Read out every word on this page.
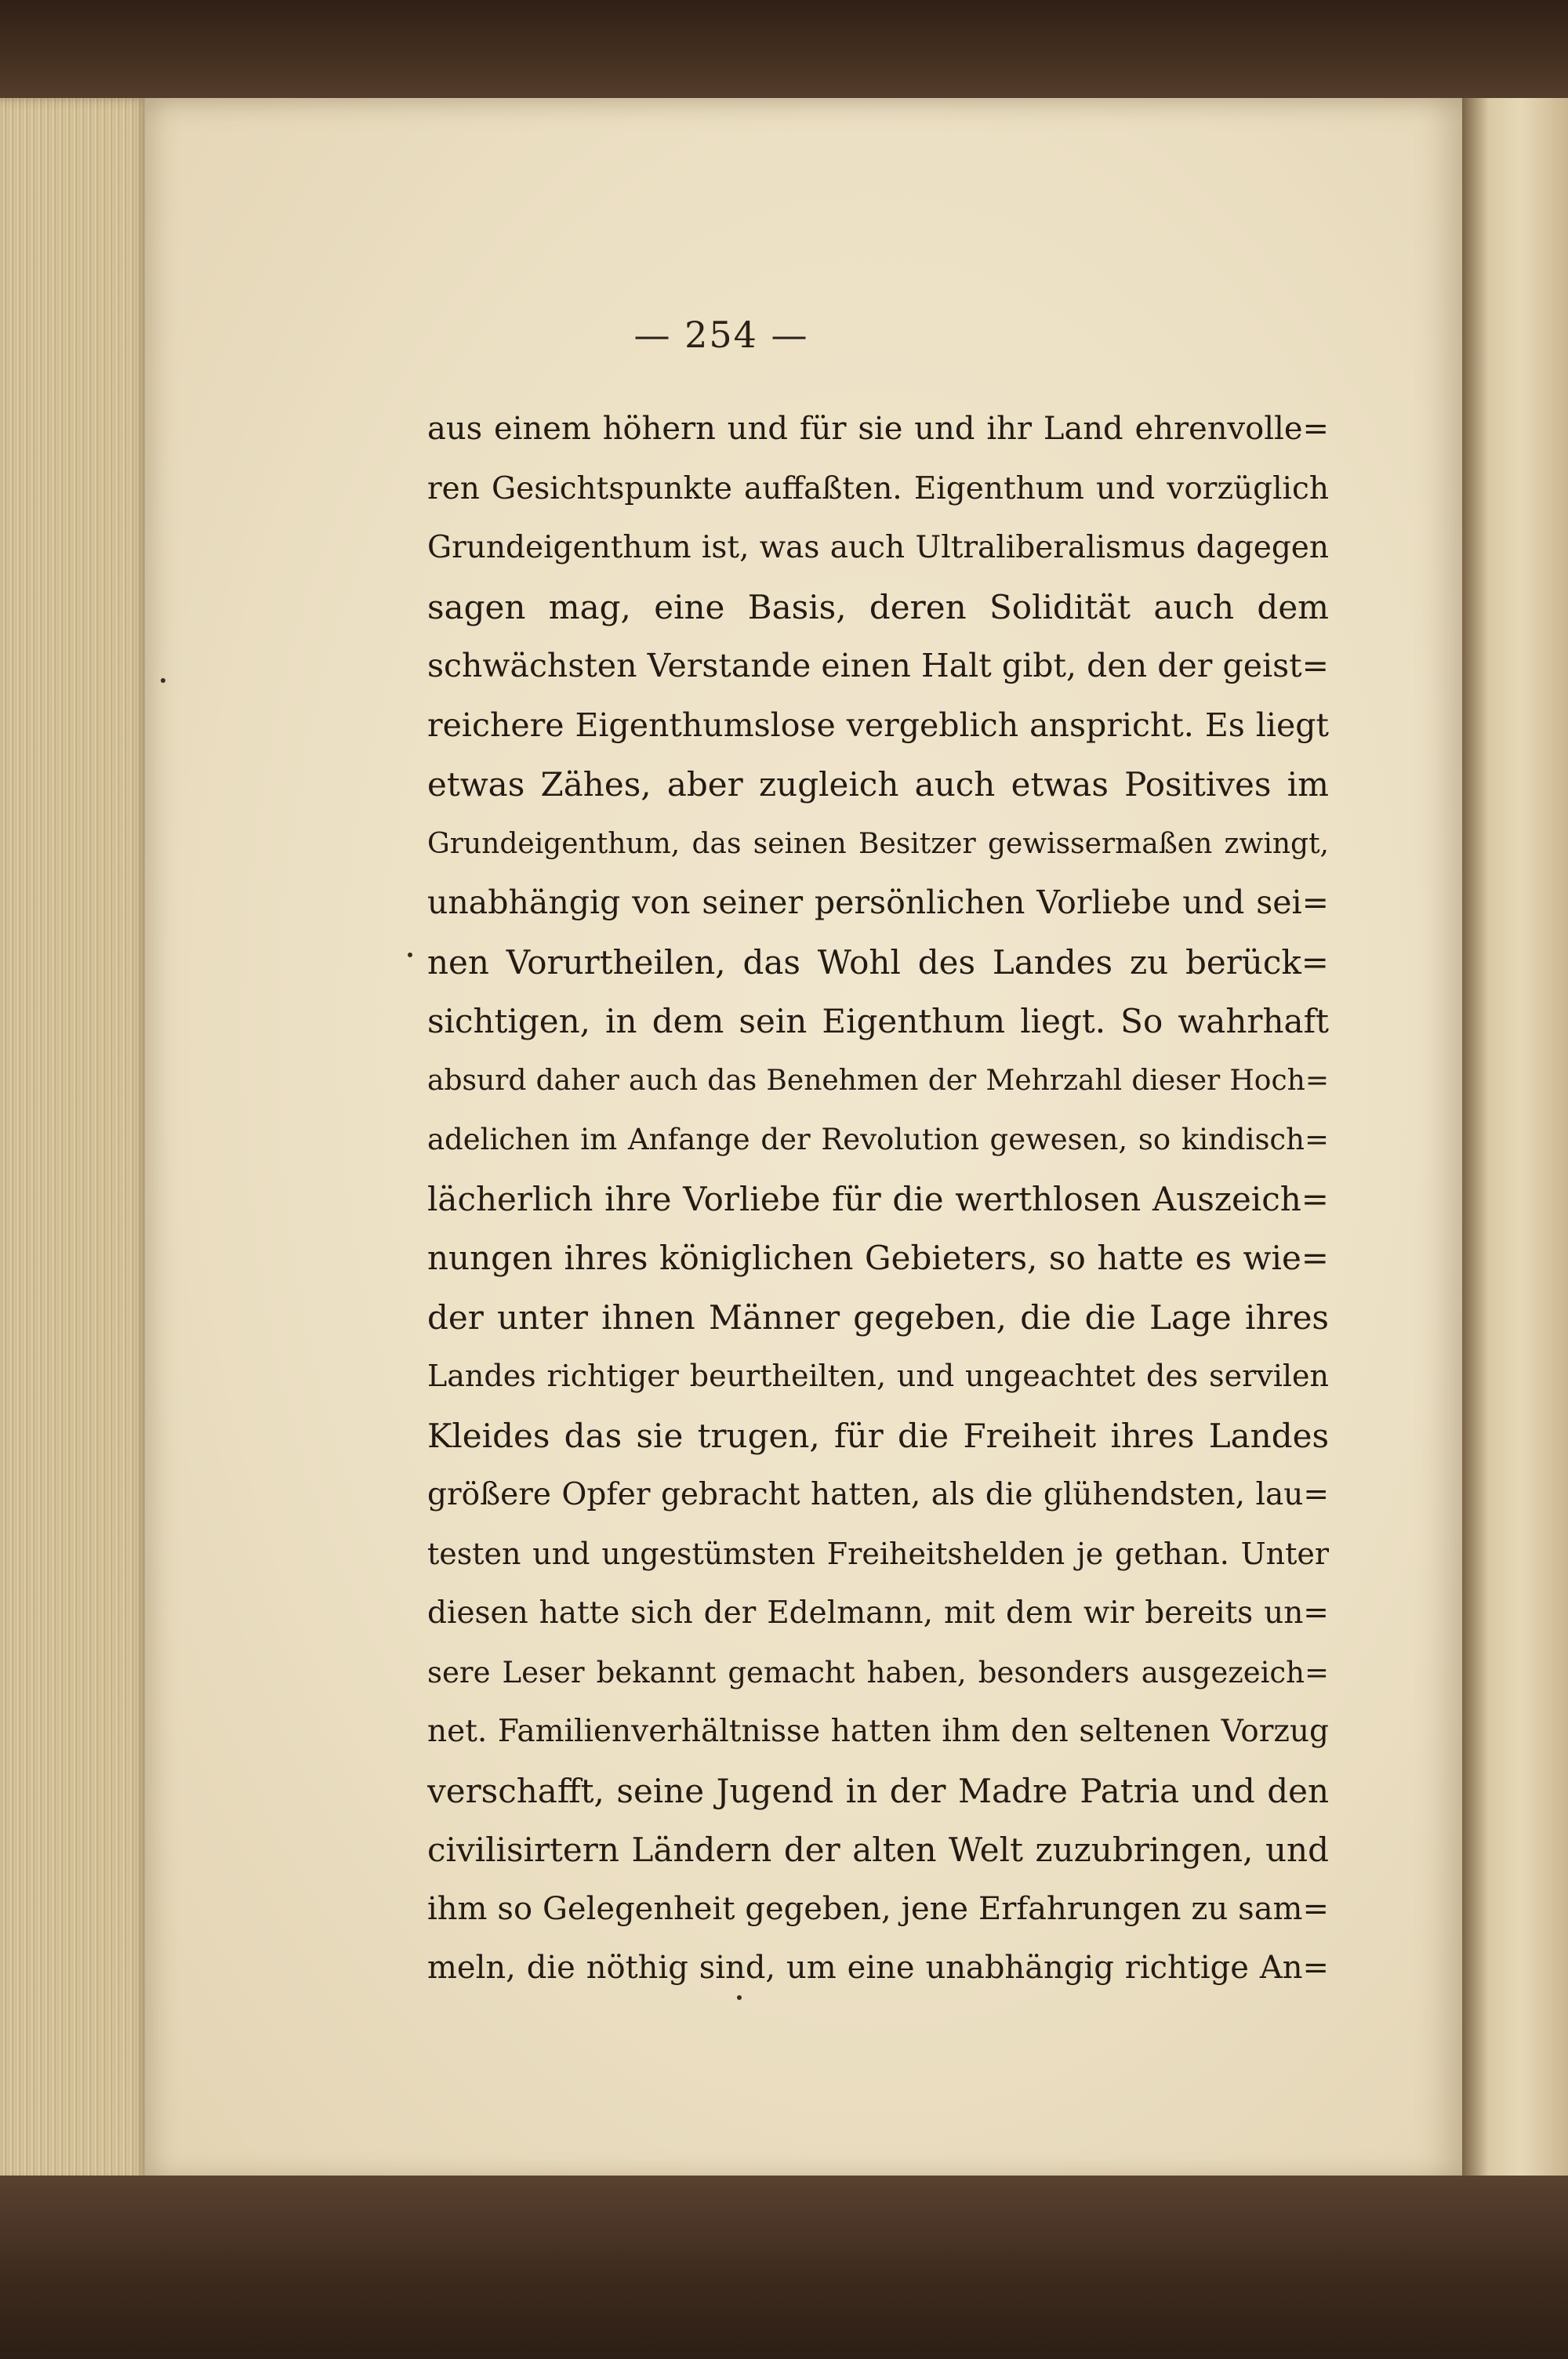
— 254 —
aus einem höhern und für sie und ihr Land ehrenvolle=
ren Gesichtspunkte auffaßten. Eigenthum und vorzüglich
Grundeigenthum ist, was auch Ultraliberalismus dagegen
sagen mag, eine Basis, deren Solidität auch dem
schwächsten Verstande einen Halt gibt, den der geist=
reichere Eigenthumslose vergeblich anspricht. Es liegt
etwas Zähes, aber zugleich auch etwas Positives im
Grundeigenthum, das seinen Besitzer gewissermaßen zwingt,
unabhängig von seiner persönlichen Vorliebe und sei=
nen Vorurtheilen, das Wohl des Landes zu berück=
sichtigen, in dem sein Eigenthum liegt. So wahrhaft
absurd daher auch das Benehmen der Mehrzahl dieser Hoch=
adelichen im Anfange der Revolution gewesen, so kindisch=
lächerlich ihre Vorliebe für die werthlosen Auszeich=
nungen ihres königlichen Gebieters, so hatte es wie=
der unter ihnen Männer gegeben, die die Lage ihres
Landes richtiger beurtheilten, und ungeachtet des servilen
Kleides das sie trugen, für die Freiheit ihres Landes
größere Opfer gebracht hatten, als die glühendsten, lau=
testen und ungestümsten Freiheitshelden je gethan. Unter
diesen hatte sich der Edelmann, mit dem wir bereits un=
sere Leser bekannt gemacht haben, besonders ausgezeich=
net. Familienverhältnisse hatten ihm den seltenen Vorzug
verschafft, seine Jugend in der Madre Patria und den
civilisirtern Ländern der alten Welt zuzubringen, und
ihm so Gelegenheit gegeben, jene Erfahrungen zu sam=
meln, die nöthig sind, um eine unabhängig richtige An=
